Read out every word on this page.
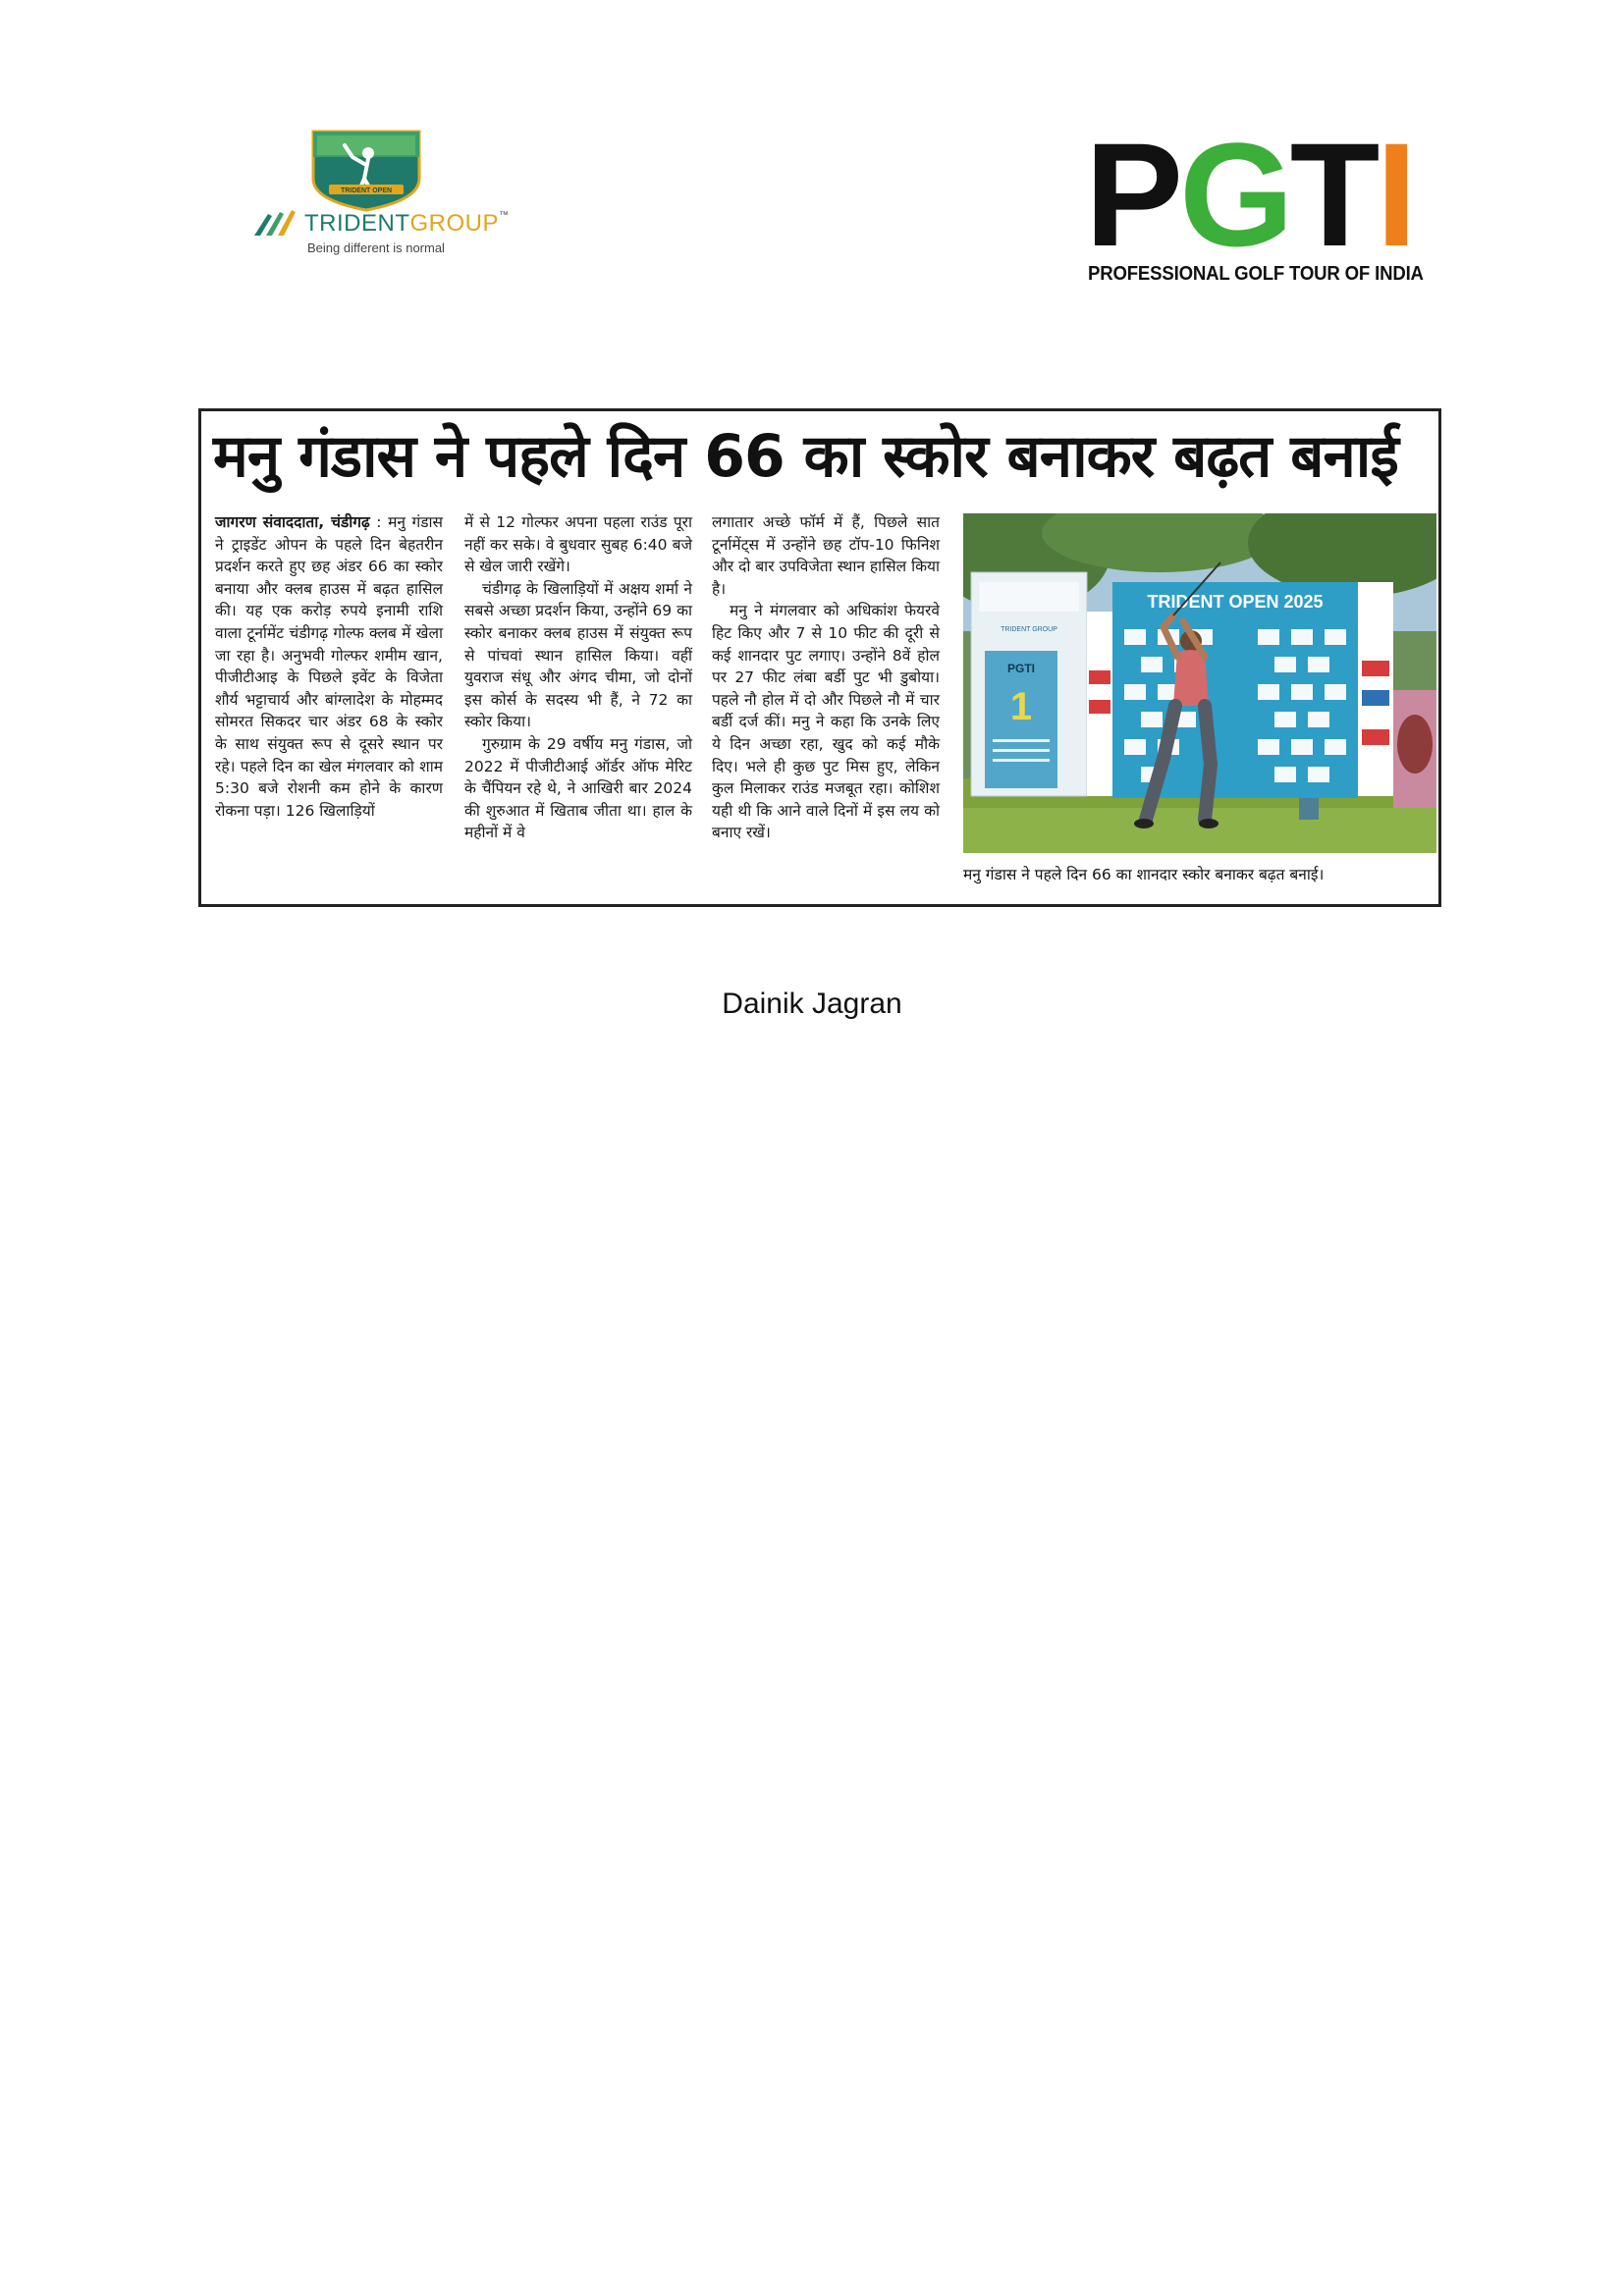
TRIDENT OPEN
TRIDENTGROUP™
Being different is normal	PGTI
PROFESSIONAL GOLF TOUR OF INDIA
मनु गंडास ने पहले दिन 66 का स्कोर बनाकर बढ़त बनाई

जागरण संवाददाता, चंडीगढ़ : मनु गंडास ने ट्राइडेंट ओपन के पहले दिन बेहतरीन प्रदर्शन करते हुए छह अंडर 66 का स्कोर बनाया और क्लब हाउस में बढ़त हासिल की। यह एक करोड़ रुपये इनामी राशि वाला टूर्नामेंट चंडीगढ़ गोल्फ क्लब में खेला जा रहा है। अनुभवी गोल्फर शमीम खान, पीजीटीआइ के पिछले इवेंट के विजेता शौर्य भट्टाचार्य और बांग्लादेश के मोहम्मद सोमरत सिकदर चार अंडर 68 के स्कोर के साथ संयुक्त रूप से दूसरे स्थान पर रहे। पहले दिन का खेल मंगलवार को शाम 5:30 बजे रोशनी कम होने के कारण रोकना पड़ा। 126 खिलाड़ियों

में से 12 गोल्फर अपना पहला राउंड पूरा नहीं कर सके। वे बुधवार सुबह 6:40 बजे से खेल जारी रखेंगे।

चंडीगढ़ के खिलाड़ियों में अक्षय शर्मा ने सबसे अच्छा प्रदर्शन किया, उन्होंने 69 का स्कोर बनाकर क्लब हाउस में संयुक्त रूप से पांचवां स्थान हासिल किया। वहीं युवराज संधू और अंगद चीमा, जो दोनों इस कोर्स के सदस्य भी हैं, ने 72 का स्कोर किया।

गुरुग्राम के 29 वर्षीय मनु गंडास, जो 2022 में पीजीटीआई ऑर्डर ऑफ मेरिट के चैंपियन रहे थे, ने आखिरी बार 2024 की शुरुआत में खिताब जीता था। हाल के महीनों में वे

लगातार अच्छे फॉर्म में हैं, पिछले सात टूर्नामेंट्स में उन्होंने छह टॉप-10 फिनिश और दो बार उपविजेता स्थान हासिल किया है।

मनु ने मंगलवार को अधिकांश फेयरवे हिट किए और 7 से 10 फीट की दूरी से कई शानदार पुट लगाए। उन्होंने 8वें होल पर 27 फीट लंबा बर्डी पुट भी डुबोया। पहले नौ होल में दो और पिछले नौ में चार बर्डी दर्ज कीं। मनु ने कहा कि उनके लिए ये दिन अच्छा रहा, खुद को कई मौके दिए। भले ही कुछ पुट मिस हुए, लेकिन कुल मिलाकर राउंड मजबूत रहा। कोशिश यही थी कि आने वाले दिनों में इस लय को बनाए रखें।

TRIDENT GROUP
PGTI
1
TRIDENT OPEN 2025
मनु गंडास ने पहले दिन 66 का शानदार स्कोर बनाकर बढ़त बनाई।
Dainik Jagran
